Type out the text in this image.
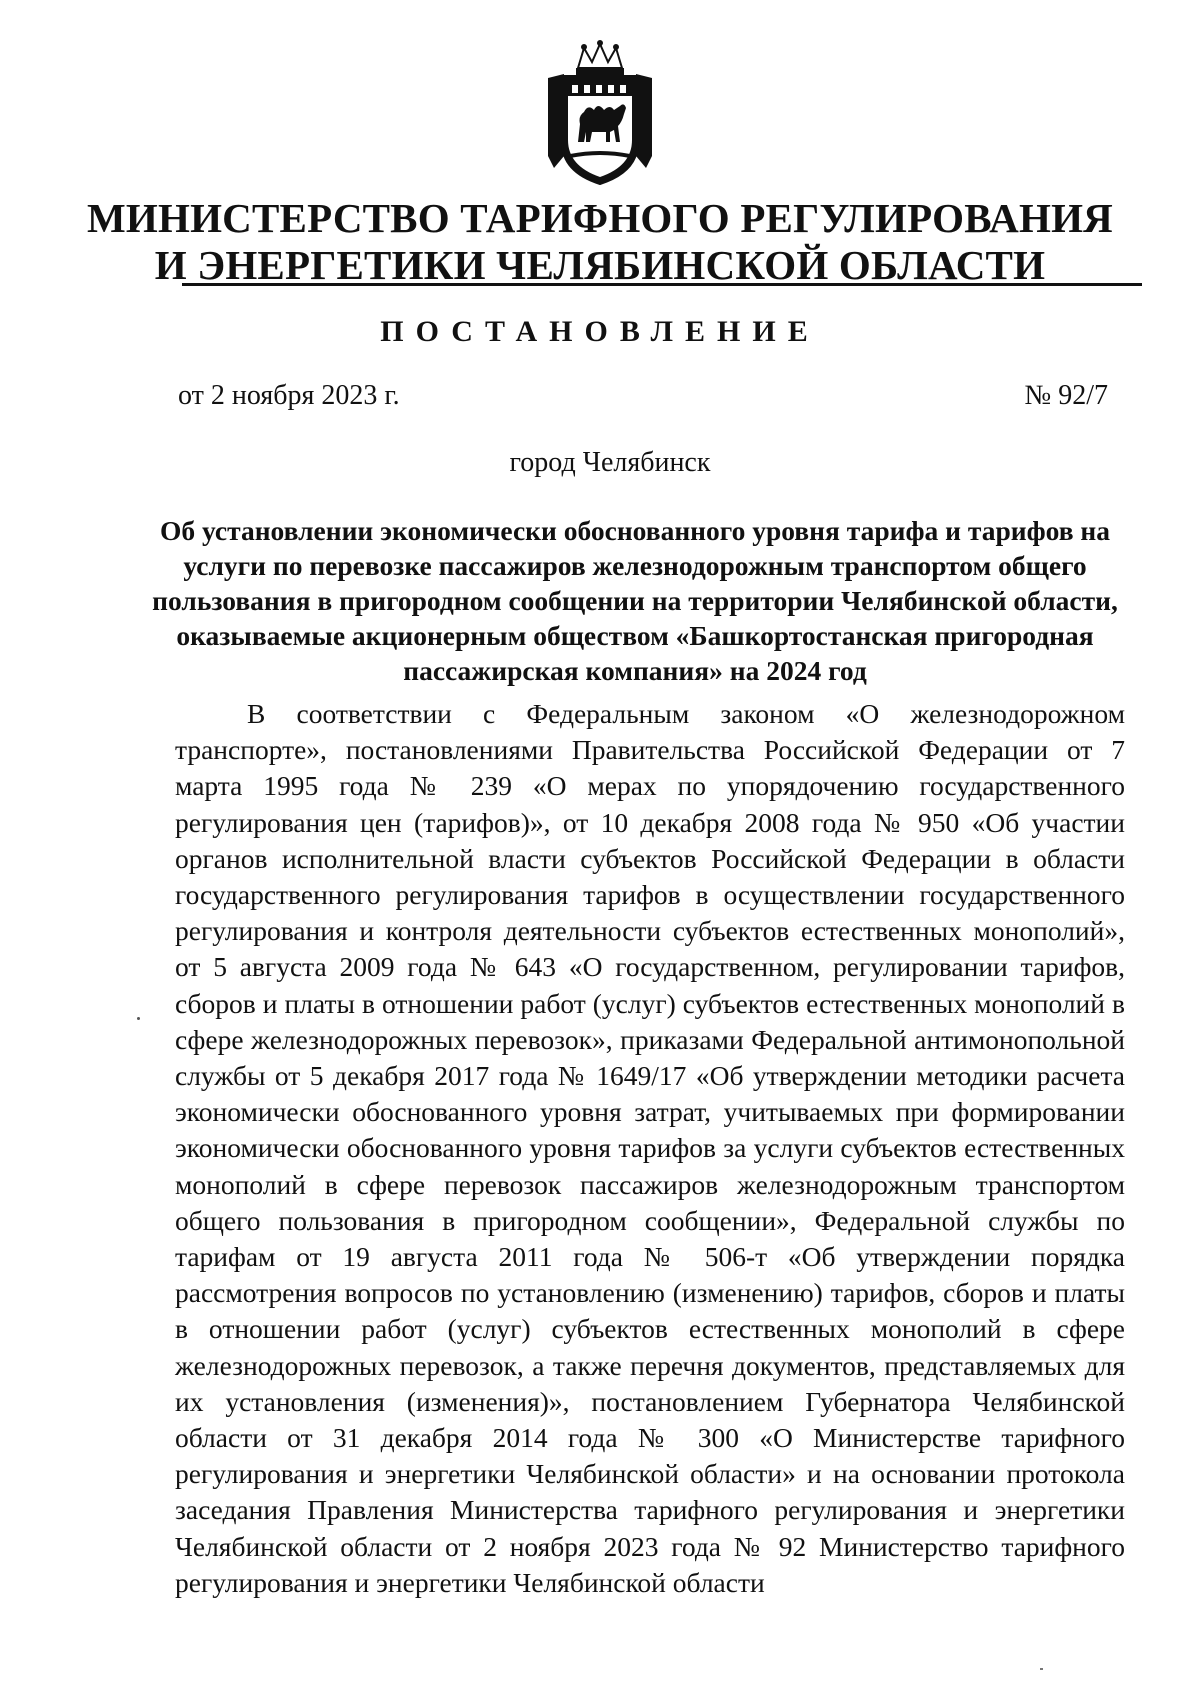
МИНИСТЕРСТВО ТАРИФНОГО РЕГУЛИРОВАНИЯ
И ЭНЕРГЕТИКИ ЧЕЛЯБИНСКОЙ ОБЛАСТИ
ПОСТАНОВЛЕНИЕ
от 2 ноября 2023 г.	№ 92/7
город Челябинск
Об установлении экономически обоснованного уровня тарифа и тарифов на услуги по перевозке пассажиров железнодорожным транспортом общего пользования в пригородном сообщении на территории Челябинской области, оказываемые акционерным обществом «Башкортостанская пригородная пассажирская компания» на 2024 год
В соответствии с Федеральным законом «О железнодорожном транспорте», постановлениями Правительства Российской Федерации от 7 марта 1995 года № 239 «О мерах по упорядочению государственного регулирования цен (тарифов)», от 10 декабря 2008 года № 950 «Об участии органов исполнительной власти субъектов Российской Федерации в области государственного регулирования тарифов в осуществлении государственного регулирования и контроля деятельности субъектов естественных монополий», от 5 августа 2009 года № 643 «О государственном, регулировании тарифов, сборов и платы в отношении работ (услуг) субъектов естественных монополий в сфере железнодорожных перевозок», приказами Федеральной антимонопольной службы от 5 декабря 2017 года № 1649/17 «Об утверждении методики расчета экономически обоснованного уровня затрат, учитываемых при формировании экономически обоснованного уровня тарифов за услуги субъектов естественных монополий в сфере перевозок пассажиров железнодорожным транспортом общего пользования в пригородном сообщении», Федеральной службы по тарифам от 19 августа 2011 года № 506-т «Об утверждении порядка рассмотрения вопросов по установлению (изменению) тарифов, сборов и платы в отношении работ (услуг) субъектов естественных монополий в сфере железнодорожных перевозок, а также перечня документов, представляемых для их установления (изменения)», постановлением Губернатора Челябинской области от 31 декабря 2014 года № 300 «О Министерстве тарифного регулирования и энергетики Челябинской области» и на основании протокола заседания Правления Министерства тарифного регулирования и энергетики Челябинской области от 2 ноября 2023 года № 92 Министерство тарифного регулирования и энергетики Челябинской области
